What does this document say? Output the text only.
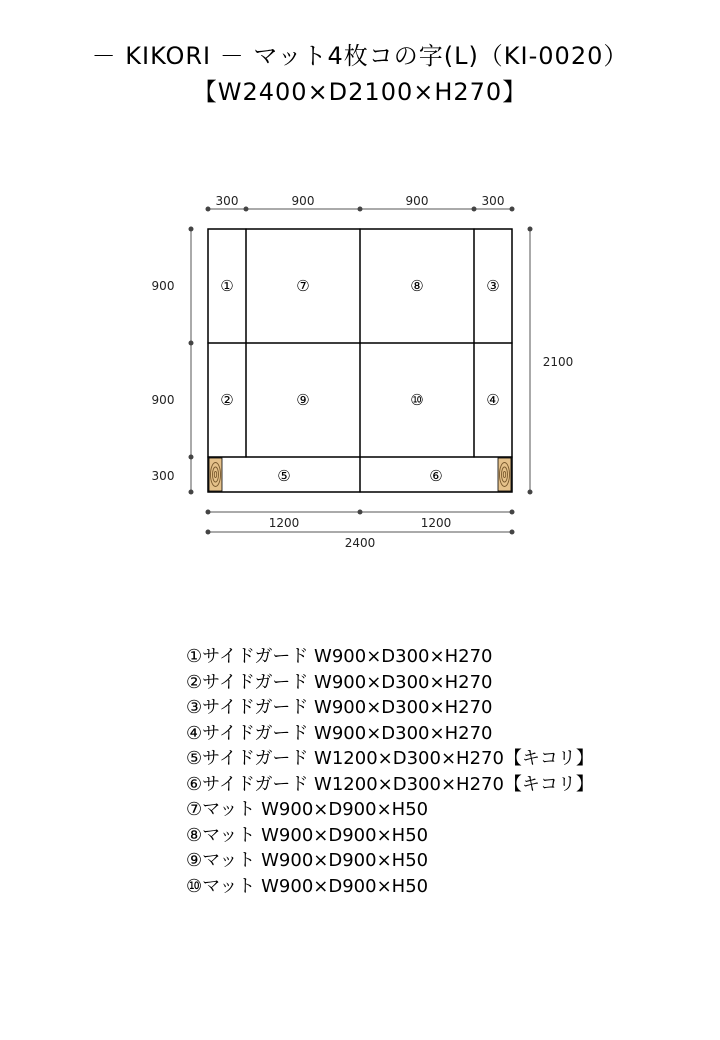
－ KIKORI － マット4枚コの字(L)（KI-0020）
【W2400×D2100×H270】
300	900	900	300
900
900
300
2100
1200	1200
2400
①	⑦	⑧	③
②	⑨	⑩	④
⑤	⑥
①サイドガード W900×D300×H270
②サイドガード W900×D300×H270
③サイドガード W900×D300×H270
④サイドガード W900×D300×H270
⑤サイドガード W1200×D300×H270【キコリ】
⑥サイドガード W1200×D300×H270【キコリ】
⑦マット W900×D900×H50
⑧マット W900×D900×H50
⑨マット W900×D900×H50
⑩マット W900×D900×H50
